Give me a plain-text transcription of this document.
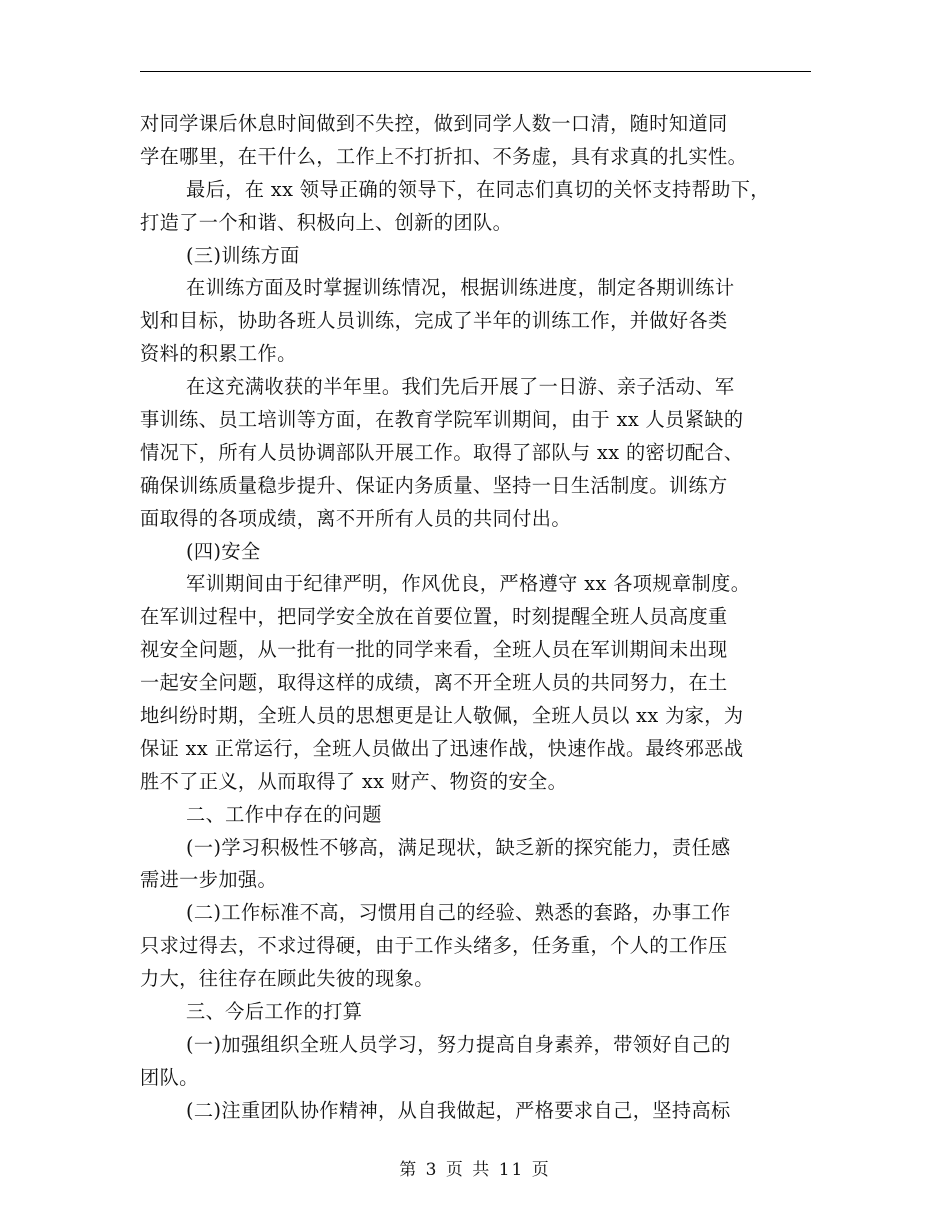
对同学课后休息时间做到不失控，做到同学人数一口清，随时知道同
学在哪里，在干什么，工作上不打折扣、不务虚，具有求真的扎实性。
最后，在 xx 领导正确的领导下，在同志们真切的关怀支持帮助下，
打造了一个和谐、积极向上、创新的团队。
(三)训练方面
在训练方面及时掌握训练情况，根据训练进度，制定各期训练计
划和目标，协助各班人员训练，完成了半年的训练工作，并做好各类
资料的积累工作。
在这充满收获的半年里。我们先后开展了一日游、亲子活动、军
事训练、员工培训等方面，在教育学院军训期间，由于 xx 人员紧缺的
情况下，所有人员协调部队开展工作。取得了部队与 xx 的密切配合、
确保训练质量稳步提升、保证内务质量、坚持一日生活制度。训练方
面取得的各项成绩，离不开所有人员的共同付出。
(四)安全
军训期间由于纪律严明，作风优良，严格遵守 xx 各项规章制度。
在军训过程中，把同学安全放在首要位置，时刻提醒全班人员高度重
视安全问题，从一批有一批的同学来看，全班人员在军训期间未出现
一起安全问题，取得这样的成绩，离不开全班人员的共同努力，在土
地纠纷时期，全班人员的思想更是让人敬佩，全班人员以 xx 为家，为
保证 xx 正常运行，全班人员做出了迅速作战，快速作战。最终邪恶战
胜不了正义，从而取得了 xx 财产、物资的安全。
二、工作中存在的问题
(一)学习积极性不够高，满足现状，缺乏新的探究能力，责任感
需进一步加强。
(二)工作标准不高，习惯用自己的经验、熟悉的套路，办事工作
只求过得去，不求过得硬，由于工作头绪多，任务重，个人的工作压
力大，往往存在顾此失彼的现象。
三、今后工作的打算
(一)加强组织全班人员学习，努力提高自身素养，带领好自己的
团队。
(二)注重团队协作精神，从自我做起，严格要求自己，坚持高标
第 3 页 共 11 页
